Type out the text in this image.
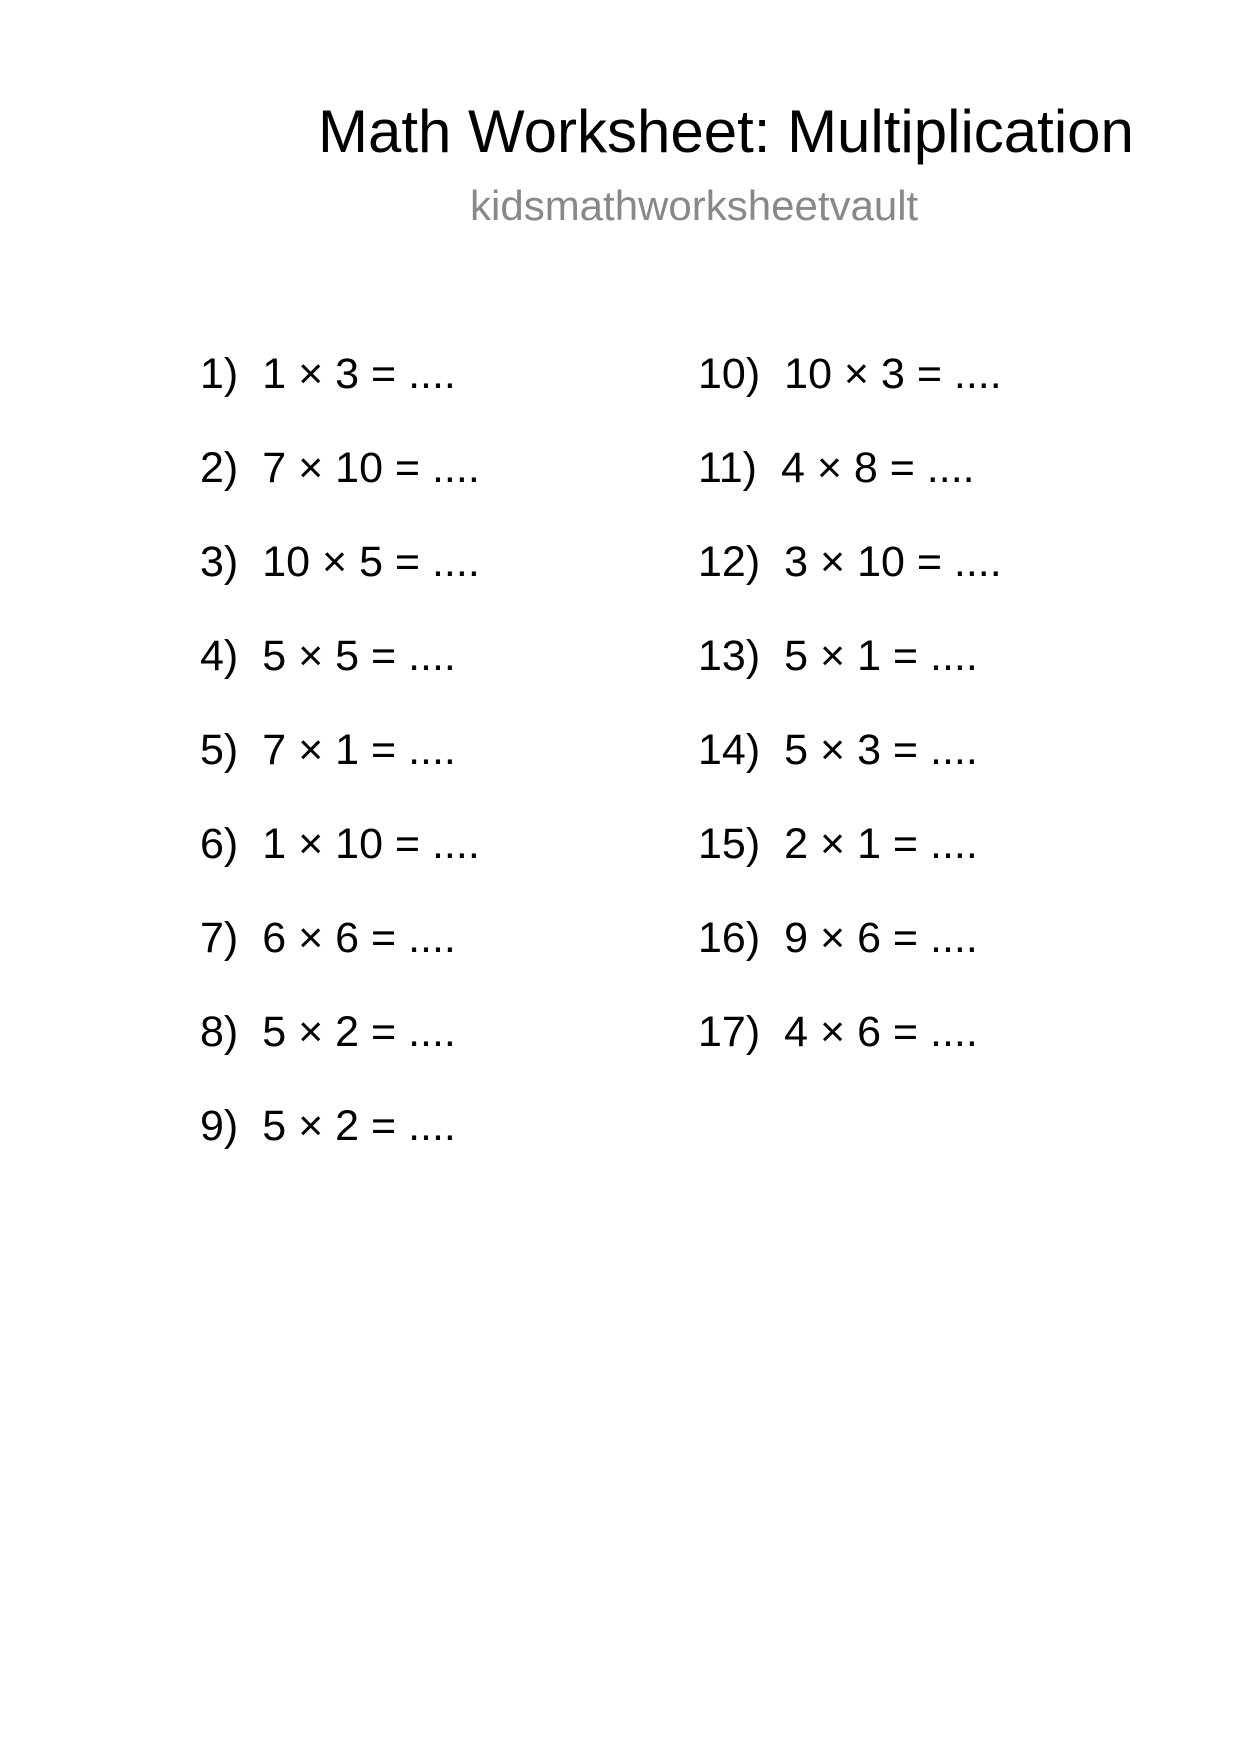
Math Worksheet: Multiplication
kidsmathworksheetvault
1) 1 × 3 = ....
2) 7 × 10 = ....
3) 10 × 5 = ....
4) 5 × 5 = ....
5) 7 × 1 = ....
6) 1 × 10 = ....
7) 6 × 6 = ....
8) 5 × 2 = ....
9) 5 × 2 = ....
10) 10 × 3 = ....
11) 4 × 8 = ....
12) 3 × 10 = ....
13) 5 × 1 = ....
14) 5 × 3 = ....
15) 2 × 1 = ....
16) 9 × 6 = ....
17) 4 × 6 = ....
